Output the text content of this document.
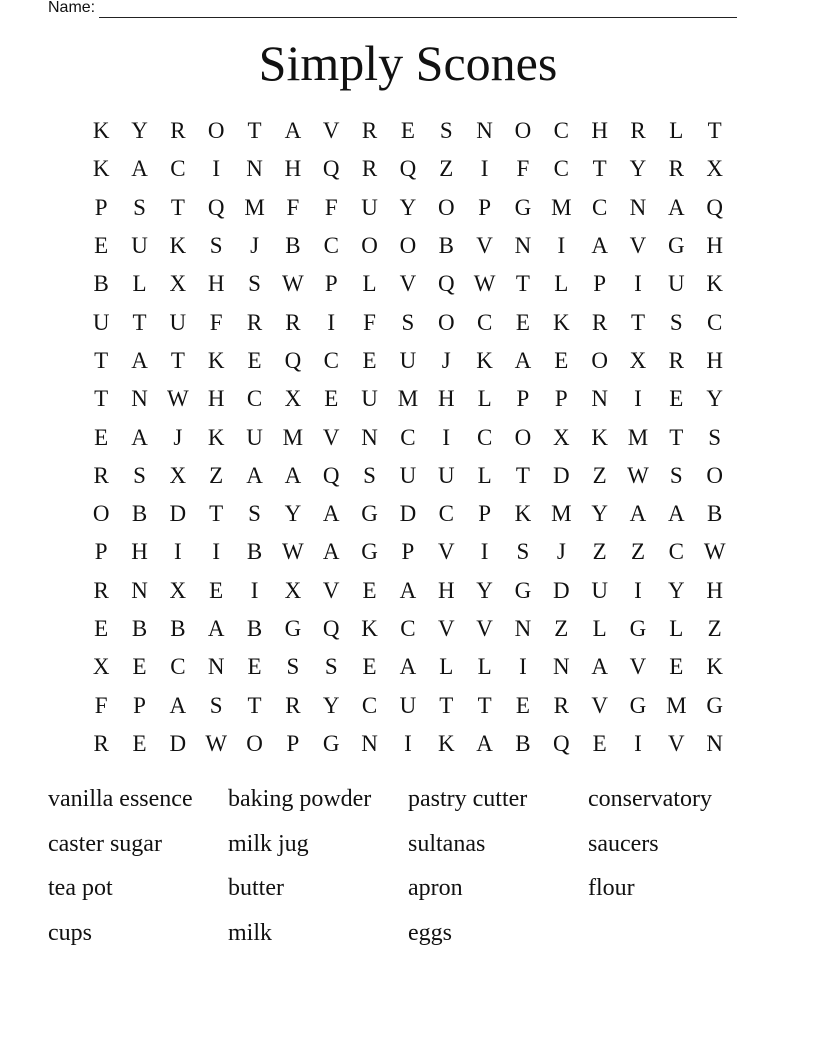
Name:
Simply Scones
K Y R O	T	A V R	E	S	N O C H R	L	T
K A C	I	N H Q R Q	Z	I	F	C	T	Y R X
P	S	T	Q M F	F	U Y O	P	G M C N A Q
E	U K	S	J	B	C O O B V N	I	A V G H
B	L	X H	S W P	L	V Q W T	L	P	I	U K
U	T	U	F	R	R	I	F	S	O C	E	K R	T	S	C
T	A	T	K	E	Q C	E	U	J	K A	E	O X R H
T	N W H C X	E	U M H	L	P	P	N	I	E	Y
E	A	J	K U M V N C	I	C O X K M T	S
R	S	X	Z	A A Q	S	U U	L	T	D	Z W S	O
O B D	T	S	Y A G D C	P	K M Y A A B
P	H	I	I	B W A G	P	V	I	S	J	Z	Z	C W
R N X	E	I	X V	E	A H Y G D U	I	Y H
E	B	B A B G Q K C V V N	Z	L	G	L	Z
X	E	C N	E	S	S	E	A	L	L	I	N A V	E	K
F	P	A	S	T	R Y C U	T	T	E	R V G M G
R	E	D W O	P	G N	I	K A B Q	E	I	V N
vanilla essence	baking powder	pastry cutter	conservatory
caster sugar	milk jug	sultanas	saucers
tea pot	butter	apron	flour
cups	milk	eggs
